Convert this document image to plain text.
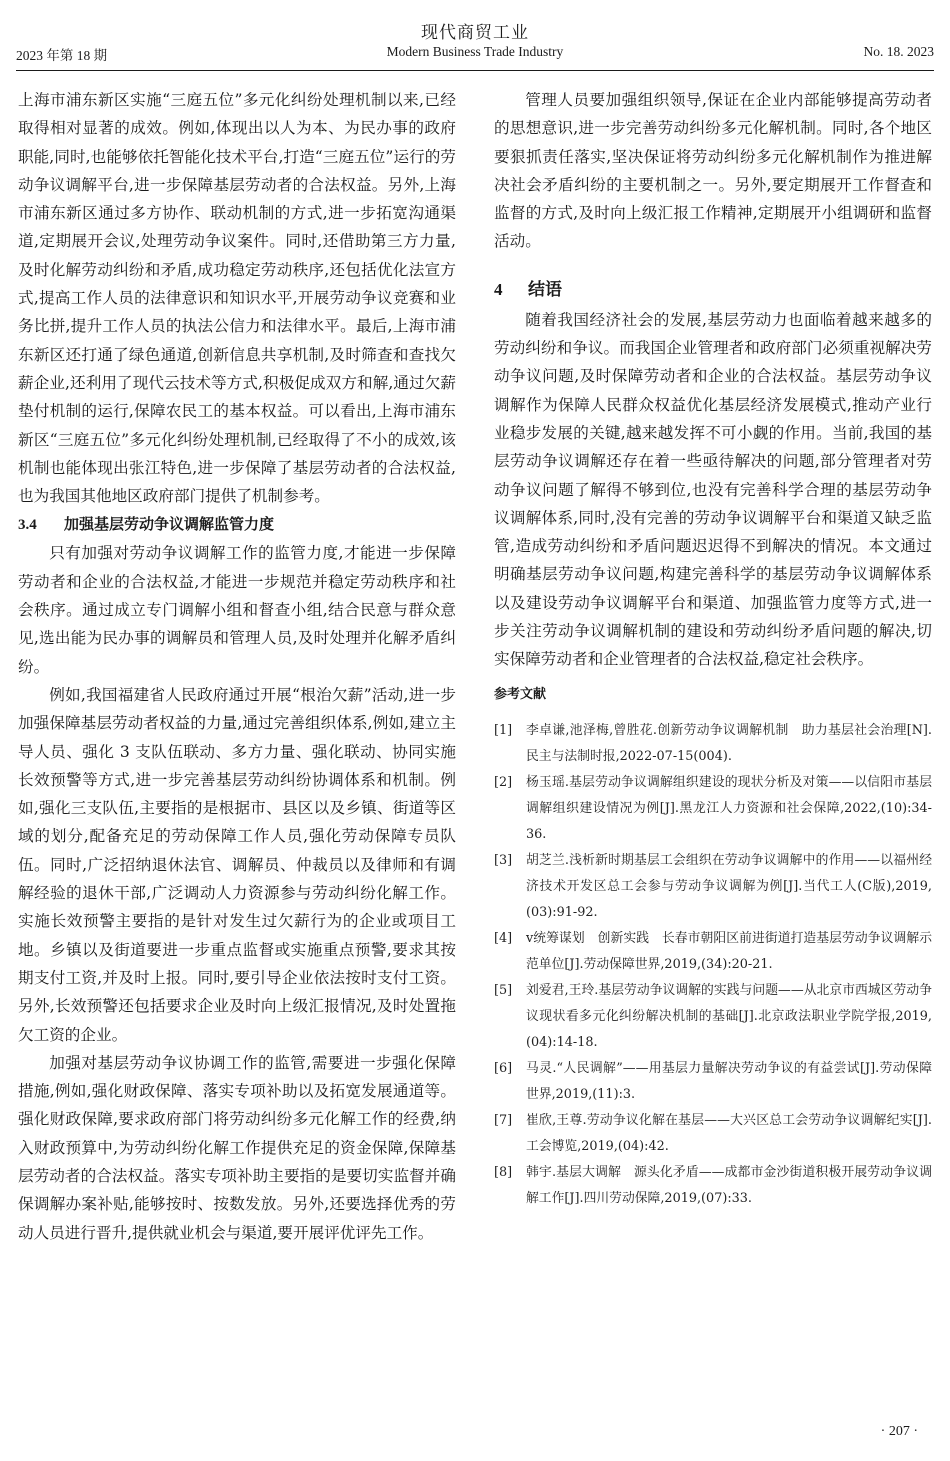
现代商贸工业
2023 年第 18 期	Modern Business Trade Industry	No. 18. 2023

上海市浦东新区实施“三庭五位”多元化纠纷处理机制以来,已经取得相对显著的成效。例如,体现出以人为本、为民办事的政府职能,同时,也能够依托智能化技术平台,打造“三庭五位”运行的劳动争议调解平台,进一步保障基层劳动者的合法权益。另外,上海市浦东新区通过多方协作、联动机制的方式,进一步拓宽沟通渠道,定期展开会议,处理劳动争议案件。同时,还借助第三方力量,及时化解劳动纠纷和矛盾,成功稳定劳动秩序,还包括优化法宣方式,提高工作人员的法律意识和知识水平,开展劳动争议竞赛和业务比拼,提升工作人员的执法公信力和法律水平。最后,上海市浦东新区还打通了绿色通道,创新信息共享机制,及时筛查和查找欠薪企业,还利用了现代云技术等方式,积极促成双方和解,通过欠薪垫付机制的运行,保障农民工的基本权益。可以看出,上海市浦东新区“三庭五位”多元化纠纷处理机制,已经取得了不小的成效,该机制也能体现出张江特色,进一步保障了基层劳动者的合法权益,也为我国其他地区政府部门提供了机制参考。

3.4 加强基层劳动争议调解监管力度

只有加强对劳动争议调解工作的监管力度,才能进一步保障劳动者和企业的合法权益,才能进一步规范并稳定劳动秩序和社会秩序。通过成立专门调解小组和督查小组,结合民意与群众意见,选出能为民办事的调解员和管理人员,及时处理并化解矛盾纠纷。

例如,我国福建省人民政府通过开展“根治欠薪”活动,进一步加强保障基层劳动者权益的力量,通过完善组织体系,例如,建立主导人员、强化 3 支队伍联动、多方力量、强化联动、协同实施长效预警等方式,进一步完善基层劳动纠纷协调体系和机制。例如,强化三支队伍,主要指的是根据市、县区以及乡镇、街道等区域的划分,配备充足的劳动保障工作人员,强化劳动保障专员队伍。同时,广泛招纳退休法官、调解员、仲裁员以及律师和有调解经验的退休干部,广泛调动人力资源参与劳动纠纷化解工作。实施长效预警主要指的是针对发生过欠薪行为的企业或项目工地。乡镇以及街道要进一步重点监督或实施重点预警,要求其按期支付工资,并及时上报。同时,要引导企业依法按时支付工资。另外,长效预警还包括要求企业及时向上级汇报情况,及时处置拖欠工资的企业。

加强对基层劳动争议协调工作的监管,需要进一步强化保障措施,例如,强化财政保障、落实专项补助以及拓宽发展通道等。强化财政保障,要求政府部门将劳动纠纷多元化解工作的经费,纳入财政预算中,为劳动纠纷化解工作提供充足的资金保障,保障基层劳动者的合法权益。落实专项补助主要指的是要切实监督并确保调解办案补贴,能够按时、按数发放。另外,还要选择优秀的劳动人员进行晋升,提供就业机会与渠道,要开展评优评先工作。

管理人员要加强组织领导,保证在企业内部能够提高劳动者的思想意识,进一步完善劳动纠纷多元化解机制。同时,各个地区要狠抓责任落实,坚决保证将劳动纠纷多元化解机制作为推进解决社会矛盾纠纷的主要机制之一。另外,要定期展开工作督查和监督的方式,及时向上级汇报工作精神,定期展开小组调研和监督活动。

4 结语

随着我国经济社会的发展,基层劳动力也面临着越来越多的劳动纠纷和争议。而我国企业管理者和政府部门必须重视解决劳动争议问题,及时保障劳动者和企业的合法权益。基层劳动争议调解作为保障人民群众权益优化基层经济发展模式,推动产业行业稳步发展的关键,越来越发挥不可小觑的作用。当前,我国的基层劳动争议调解还存在着一些亟待解决的问题,部分管理者对劳动争议问题了解得不够到位,也没有完善科学合理的基层劳动争议调解体系,同时,没有完善的劳动争议调解平台和渠道又缺乏监管,造成劳动纠纷和矛盾问题迟迟得不到解决的情况。本文通过明确基层劳动争议问题,构建完善科学的基层劳动争议调解体系以及建设劳动争议调解平台和渠道、加强监管力度等方式,进一步关注劳动争议调解机制的建设和劳动纠纷矛盾问题的解决,切实保障劳动者和企业管理者的合法权益,稳定社会秩序。

参考文献
[1] 李卓谦,池泽梅,曾胜花.创新劳动争议调解机制　助力基层社会治理[N].民主与法制时报,2022-07-15(004).
[2] 杨玉瑶.基层劳动争议调解组织建设的现状分析及对策——以信阳市基层调解组织建设情况为例[J].黑龙江人力资源和社会保障,2022,(10):34-36.
[3] 胡芝兰.浅析新时期基层工会组织在劳动争议调解中的作用——以福州经济技术开发区总工会参与劳动争议调解为例[J].当代工人(C版),2019,(03):91-92.
[4] v统筹谋划　创新实践　长春市朝阳区前进街道打造基层劳动争议调解示范单位[J].劳动保障世界,2019,(34):20-21.
[5] 刘爱君,王玲.基层劳动争议调解的实践与问题——从北京市西城区劳动争议现状看多元化纠纷解决机制的基础[J].北京政法职业学院学报,2019,(04):14-18.
[6] 马灵.“人民调解”——用基层力量解决劳动争议的有益尝试[J].劳动保障世界,2019,(11):3.
[7] 崔欣,王尊.劳动争议化解在基层——大兴区总工会劳动争议调解纪实[J].工会博览,2019,(04):42.
[8] 韩宇.基层大调解　源头化矛盾——成都市金沙街道积极开展劳动争议调解工作[J].四川劳动保障,2019,(07):33.
· 207 ·
